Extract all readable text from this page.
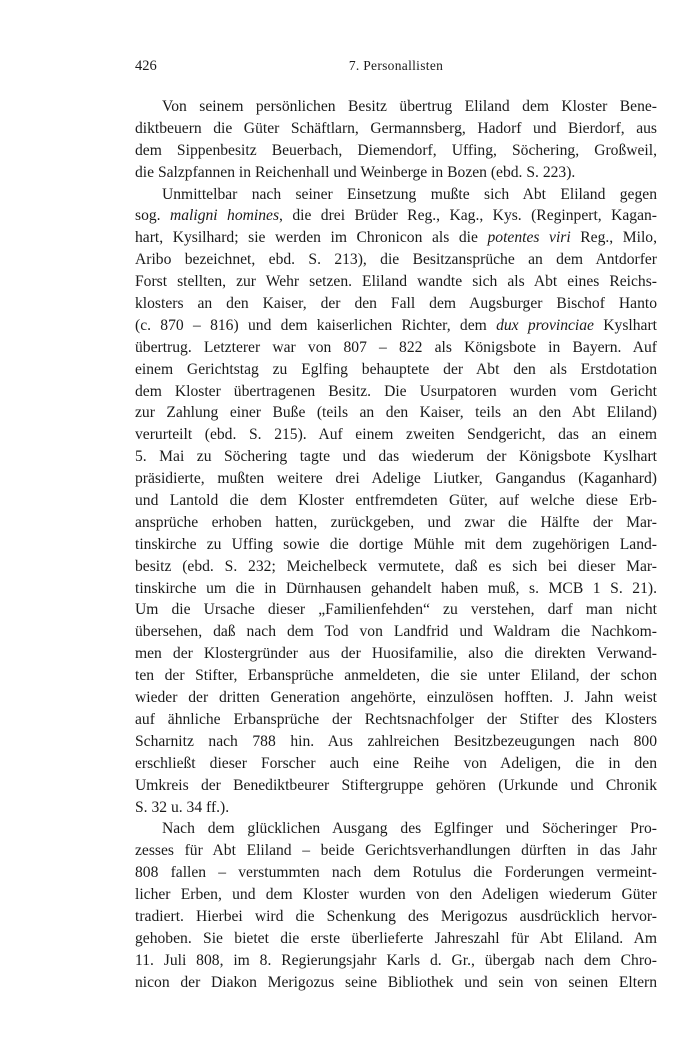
426	7. Personallisten
Von seinem persönlichen Besitz übertrug Eliland dem Kloster Bene-
diktbeuern die Güter Schäftlarn, Germannsberg, Hadorf und Bierdorf, aus
dem Sippenbesitz Beuerbach, Diemendorf, Uffing, Söchering, Großweil,
die Salzpfannen in Reichenhall und Weinberge in Bozen (ebd. S. 223).
Unmittelbar nach seiner Einsetzung mußte sich Abt Eliland gegen
sog. maligni homines, die drei Brüder Reg., Kag., Kys. (Reginpert, Kagan-
hart, Kysilhard; sie werden im Chronicon als die potentes viri Reg., Milo,
Aribo bezeichnet, ebd. S. 213), die Besitzansprüche an dem Antdorfer
Forst stellten, zur Wehr setzen. Eliland wandte sich als Abt eines Reichs-
klosters an den Kaiser, der den Fall dem Augsburger Bischof Hanto
(c. 870 – 816) und dem kaiserlichen Richter, dem dux provinciae Kyslhart
übertrug. Letzterer war von 807 – 822 als Königsbote in Bayern. Auf
einem Gerichtstag zu Eglfing behauptete der Abt den als Erstdotation
dem Kloster übertragenen Besitz. Die Usurpatoren wurden vom Gericht
zur Zahlung einer Buße (teils an den Kaiser, teils an den Abt Eliland)
verurteilt (ebd. S. 215). Auf einem zweiten Sendgericht, das an einem
5. Mai zu Söchering tagte und das wiederum der Königsbote Kyslhart
präsidierte, mußten weitere drei Adelige Liutker, Gangandus (Kaganhard)
und Lantold die dem Kloster entfremdeten Güter, auf welche diese Erb-
ansprüche erhoben hatten, zurückgeben, und zwar die Hälfte der Mar-
tinskirche zu Uffing sowie die dortige Mühle mit dem zugehörigen Land-
besitz (ebd. S. 232; Meichelbeck vermutete, daß es sich bei dieser Mar-
tinskirche um die in Dürnhausen gehandelt haben muß, s. MCB 1 S. 21).
Um die Ursache dieser „Familienfehden“ zu verstehen, darf man nicht
übersehen, daß nach dem Tod von Landfrid und Waldram die Nachkom-
men der Klostergründer aus der Huosifamilie, also die direkten Verwand-
ten der Stifter, Erbansprüche anmeldeten, die sie unter Eliland, der schon
wieder der dritten Generation angehörte, einzulösen hofften. J. Jahn weist
auf ähnliche Erbansprüche der Rechtsnachfolger der Stifter des Klosters
Scharnitz nach 788 hin. Aus zahlreichen Besitzbezeugungen nach 800
erschließt dieser Forscher auch eine Reihe von Adeligen, die in den
Umkreis der Benediktbeurer Stiftergruppe gehören (Urkunde und Chronik
S. 32 u. 34 ff.).
Nach dem glücklichen Ausgang des Eglfinger und Söcheringer Pro-
zesses für Abt Eliland – beide Gerichtsverhandlungen dürften in das Jahr
808 fallen – verstummten nach dem Rotulus die Forderungen vermeint-
licher Erben, und dem Kloster wurden von den Adeligen wiederum Güter
tradiert. Hierbei wird die Schenkung des Merigozus ausdrücklich hervor-
gehoben. Sie bietet die erste überlieferte Jahreszahl für Abt Eliland. Am
11. Juli 808, im 8. Regierungsjahr Karls d. Gr., übergab nach dem Chro-
nicon der Diakon Merigozus seine Bibliothek und sein von seinen Eltern
